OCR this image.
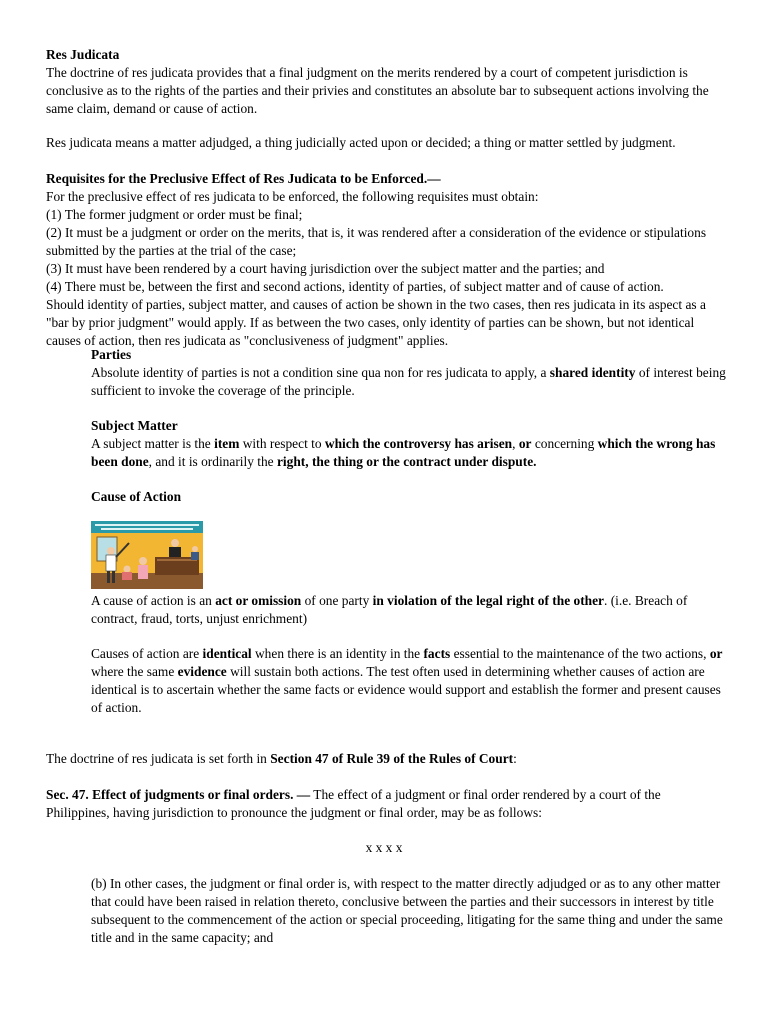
Res Judicata

The doctrine of res judicata provides that a final judgment on the merits rendered by a court of competent jurisdiction is conclusive as to the rights of the parties and their privies and constitutes an absolute bar to subsequent actions involving the same claim, demand or cause of action.

Res judicata means a matter adjudged, a thing judicially acted upon or decided; a thing or matter settled by judgment.

Requisites for the Preclusive Effect of Res Judicata to be Enforced.—

For the preclusive effect of res judicata to be enforced, the following requisites must obtain:

(1) The former judgment or order must be final;

(2) It must be a judgment or order on the merits, that is, it was rendered after a consideration of the evidence or stipulations submitted by the parties at the trial of the case;

(3) It must have been rendered by a court having jurisdiction over the subject matter and the parties; and

(4) There must be, between the first and second actions, identity of parties, of subject matter and of cause of action.

Should identity of parties, subject matter, and causes of action be shown in the two cases, then res judicata in its aspect as a "bar by prior judgment" would apply. If as between the two cases, only identity of parties can be shown, but not identical causes of action, then res judicata as "conclusiveness of judgment" applies.

Parties

Absolute identity of parties is not a condition sine qua non for res judicata to apply, a shared identity of interest being sufficient to invoke the coverage of the principle.

Subject Matter

A subject matter is the item with respect to which the controversy has arisen, or concerning which the wrong has been done, and it is ordinarily the right, the thing or the contract under dispute.

Cause of Action

A cause of action is an act or omission of one party in violation of the legal right of the other. (i.e. Breach of contract, fraud, torts, unjust enrichment)

Causes of action are identical when there is an identity in the facts essential to the maintenance of the two actions, or where the same evidence will sustain both actions. The test often used in determining whether causes of action are identical is to ascertain whether the same facts or evidence would support and establish the former and present causes of action.

The doctrine of res judicata is set forth in Section 47 of Rule 39 of the Rules of Court:

Sec. 47. Effect of judgments or final orders. — The effect of a judgment or final order rendered by a court of the Philippines, having jurisdiction to pronounce the judgment or final order, may be as follows:

x x x x

(b) In other cases, the judgment or final order is, with respect to the matter directly adjudged or as to any other matter that could have been raised in relation thereto, conclusive between the parties and their successors in interest by title subsequent to the commencement of the action or special proceeding, litigating for the same thing and under the same title and in the same capacity; and
